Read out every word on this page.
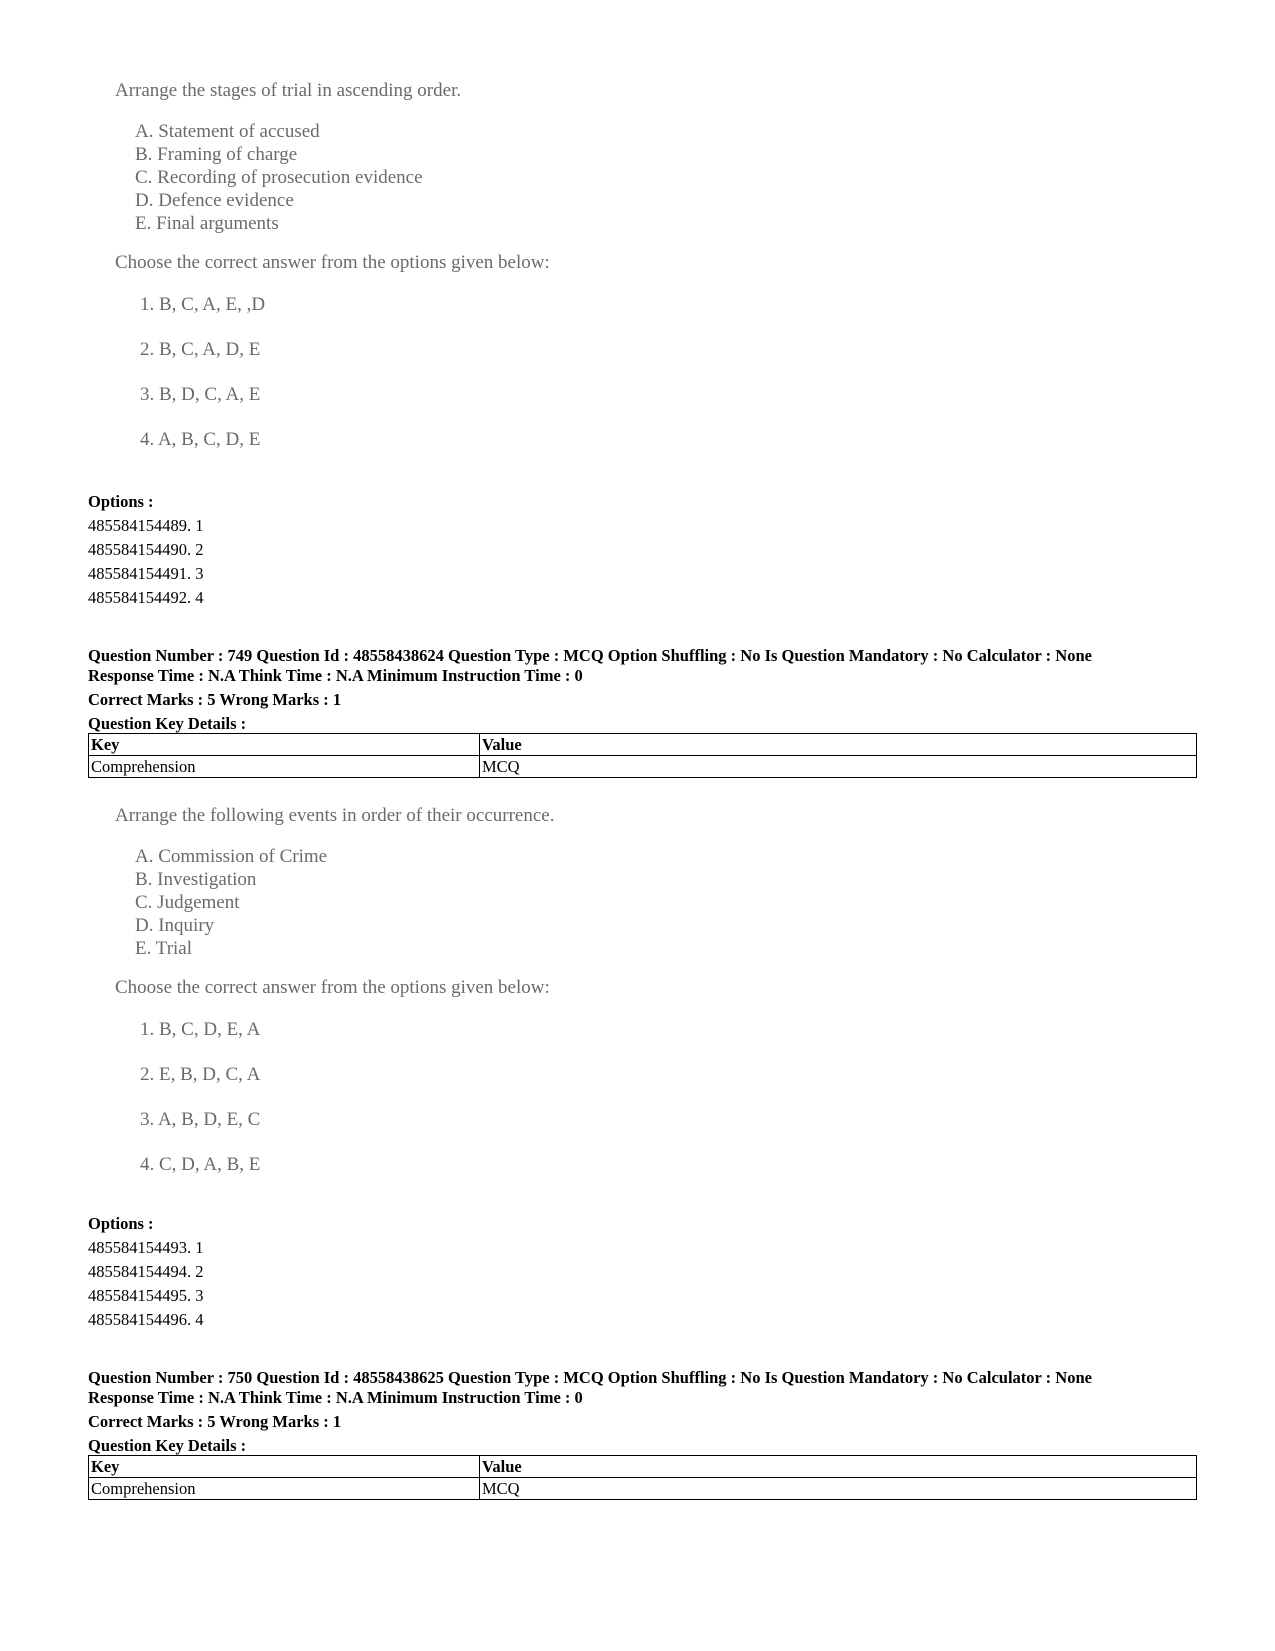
Arrange the stages of trial in ascending order.
A. Statement of accused
B. Framing of charge
C. Recording of prosecution evidence
D. Defence evidence
E. Final arguments
Choose the correct answer from the options given below:
1. B, C, A, E, ,D
2. B, C, A, D, E
3. B, D, C, A, E
4. A, B, C, D, E
Options :
485584154489. 1
485584154490. 2
485584154491. 3
485584154492. 4
Question Number : 749 Question Id : 48558438624 Question Type : MCQ Option Shuffling : No Is Question Mandatory : No Calculator : None
Response Time : N.A Think Time : N.A Minimum Instruction Time : 0
Correct Marks : 5 Wrong Marks : 1
Question Key Details :
Key	Value
Comprehension	MCQ
Arrange the following events in order of their occurrence.
A. Commission of Crime
B. Investigation
C. Judgement
D. Inquiry
E. Trial
Choose the correct answer from the options given below:
1. B, C, D, E, A
2. E, B, D, C, A
3. A, B, D, E, C
4. C, D, A, B, E
Options :
485584154493. 1
485584154494. 2
485584154495. 3
485584154496. 4
Question Number : 750 Question Id : 48558438625 Question Type : MCQ Option Shuffling : No Is Question Mandatory : No Calculator : None
Response Time : N.A Think Time : N.A Minimum Instruction Time : 0
Correct Marks : 5 Wrong Marks : 1
Question Key Details :
Key	Value
Comprehension	MCQ
